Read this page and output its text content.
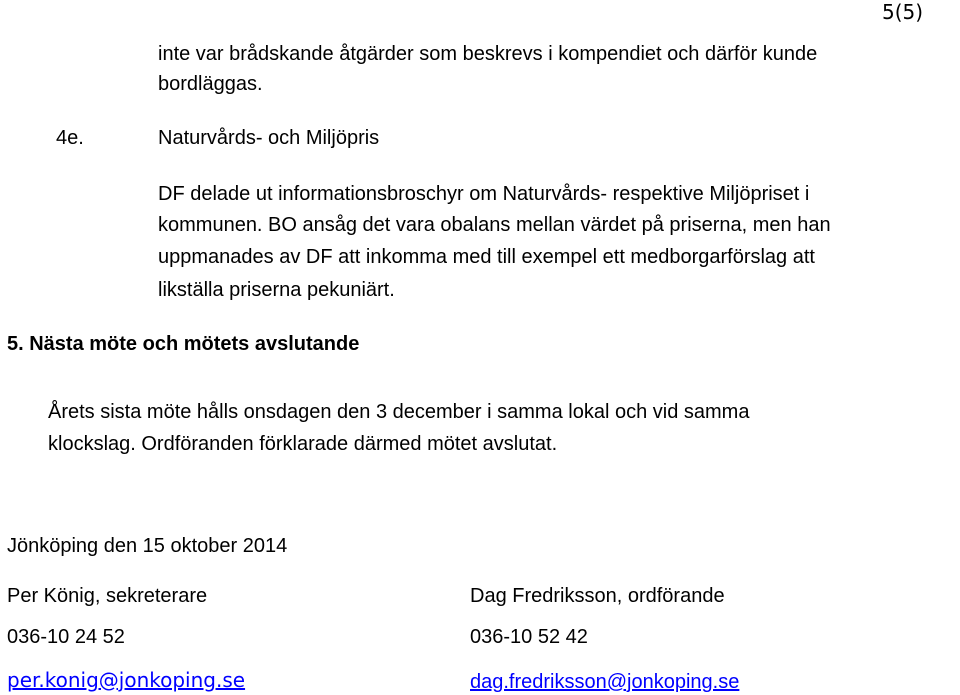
5(5)
inte var brådskande åtgärder som beskrevs i kompendiet och därför kunde
bordläggas.
4e.	Naturvårds- och Miljöpris
DF delade ut informationsbroschyr om Naturvårds- respektive Miljöpriset i
kommunen. BO ansåg det vara obalans mellan värdet på priserna, men han
uppmanades av DF att inkomma med till exempel ett medborgarförslag att
likställa priserna pekuniärt.
5. Nästa möte och mötets avslutande
Årets sista möte hålls onsdagen den 3 december i samma lokal och vid samma
klockslag. Ordföranden förklarade därmed mötet avslutat.
Jönköping den 15 oktober 2014
Per König, sekreterare	Dag Fredriksson, ordförande
036-10 24 52	036-10 52 42
per.konig@jonkoping.se	dag.fredriksson@jonkoping.se
